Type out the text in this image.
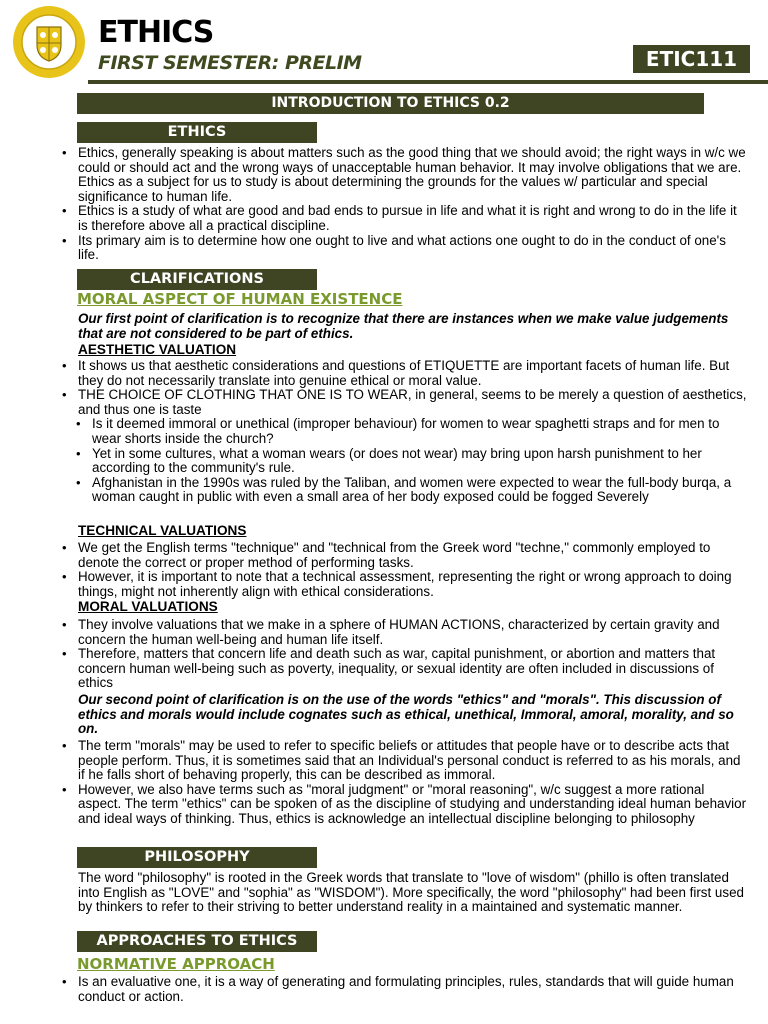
ETHICS
FIRST SEMESTER: PRELIM	ETIC111
INTRODUCTION TO ETHICS 0.2
ETHICS
• Ethics, generally speaking is about matters such as the good thing that we should avoid; the right ways in w/c we could or should act and the wrong ways of unacceptable human behavior. It may involve obligations that we are. Ethics as a subject for us to study is about determining the grounds for the values w/ particular and special significance to human life.
• Ethics is a study of what are good and bad ends to pursue in life and what it is right and wrong to do in the life it is therefore above all a practical discipline.
• Its primary aim is to determine how one ought to live and what actions one ought to do in the conduct of one's life.
CLARIFICATIONS
MORAL ASPECT OF HUMAN EXISTENCE
Our first point of clarification is to recognize that there are instances when we make value judgements that are not considered to be part of ethics.
AESTHETIC VALUATION
• It shows us that aesthetic considerations and questions of ETIQUETTE are important facets of human life. But they do not necessarily translate into genuine ethical or moral value.
• THE CHOICE OF CLOTHING THAT ONE IS TO WEAR, in general, seems to be merely a question of aesthetics, and thus one is taste
• Is it deemed immoral or unethical (improper behaviour) for women to wear spaghetti straps and for men to wear shorts inside the church?
• Yet in some cultures, what a woman wears (or does not wear) may bring upon harsh punishment to her according to the community's rule.
• Afghanistan in the 1990s was ruled by the Taliban, and women were expected to wear the full-body burqa, a woman caught in public with even a small area of her body exposed could be fogged Severely
TECHNICAL VALUATIONS
• We get the English terms "technique" and "technical from the Greek word "techne," commonly employed to denote the correct or proper method of performing tasks.
• However, it is important to note that a technical assessment, representing the right or wrong approach to doing things, might not inherently align with ethical considerations.
MORAL VALUATIONS
• They involve valuations that we make in a sphere of HUMAN ACTIONS, characterized by certain gravity and concern the human well-being and human life itself.
• Therefore, matters that concern life and death such as war, capital punishment, or abortion and matters that concern human well-being such as poverty, inequality, or sexual identity are often included in discussions of ethics
Our second point of clarification is on the use of the words "ethics" and "morals". This discussion of ethics and morals would include cognates such as ethical, unethical, Immoral, amoral, morality, and so on.
• The term "morals" may be used to refer to specific beliefs or attitudes that people have or to describe acts that people perform. Thus, it is sometimes said that an Individual's personal conduct is referred to as his morals, and if he falls short of behaving properly, this can be described as immoral.
• However, we also have terms such as "moral judgment" or "moral reasoning", w/c suggest a more rational aspect. The term "ethics" can be spoken of as the discipline of studying and understanding ideal human behavior and ideal ways of thinking. Thus, ethics is acknowledge an intellectual discipline belonging to philosophy
PHILOSOPHY
The word "philosophy" is rooted in the Greek words that translate to "love of wisdom" (phillo is often translated into English as "LOVE" and "sophia" as "WISDOM"). More specifically, the word "philosophy" had been first used by thinkers to refer to their striving to better understand reality in a maintained and systematic manner.
APPROACHES TO ETHICS
NORMATIVE APPROACH
• Is an evaluative one, it is a way of generating and formulating principles, rules, standards that will guide human conduct or action.
